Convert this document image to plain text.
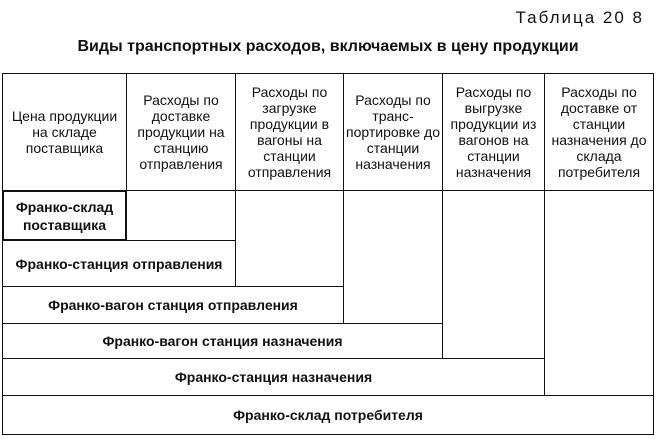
Таблица 20 8
Виды транспортных расходов, включаемых в цену продукции
Цена продукции на складе поставщика
Расходы по доставке продукции на станцию отправления
Расходы по загрузке продукции в вагоны на станции отправления
Расходы по транс-портировке до станции назначения
Расходы по выгрузке продукции из вагонов на станции назначения
Расходы по доставке от станции назначения до склада потребителя
Франко-склад поставщика
Франко-станция отправления
Франко-вагон станция отправления
Франко-вагон станция назначения
Франко-станция назначения
Франко-склад потребителя
